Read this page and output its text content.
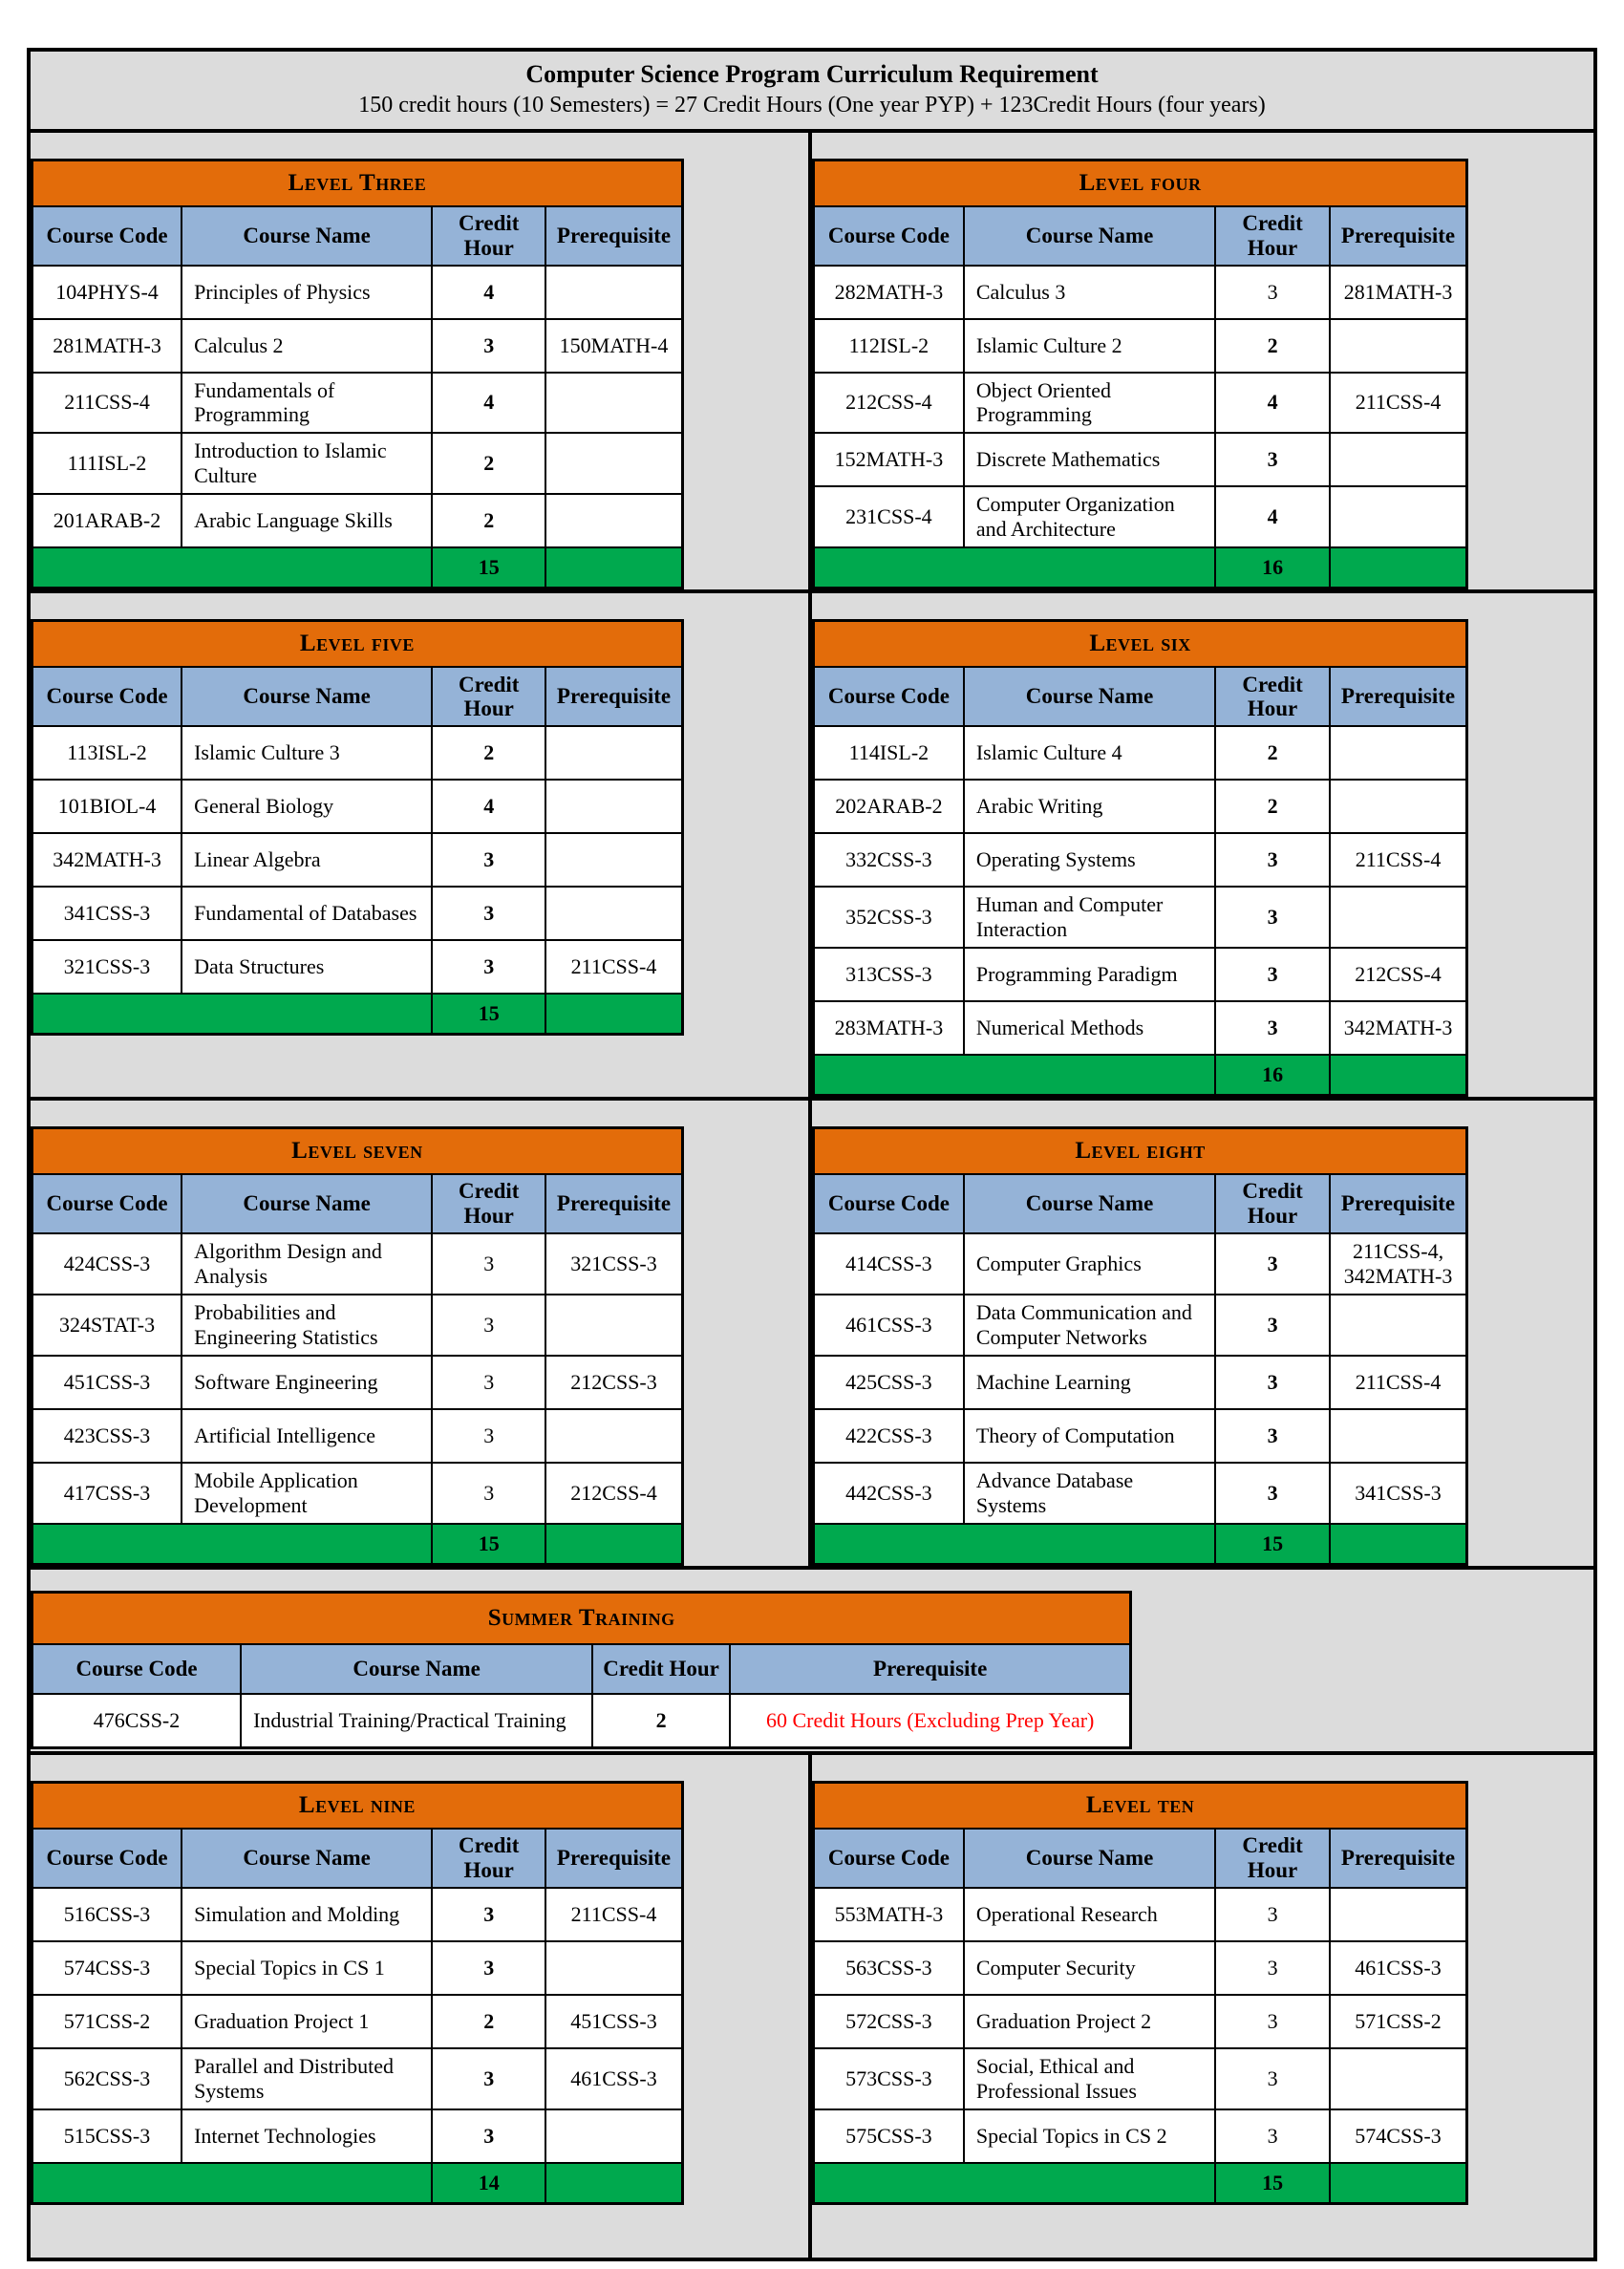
Computer Science Program Curriculum Requirement
150 credit hours (10 Semesters) = 27 Credit Hours (One year PYP) + 123Credit Hours (four years)
Level Three			
Course Code	Course Name	Credit Hour	Prerequisite
104PHYS-4	Principles of Physics	4	
281MATH-3	Calculus 2	3	150MATH-4
211CSS-4	Fundamentals of Programming	4	
111ISL-2	Introduction to Islamic Culture	2	
201ARAB-2	Arabic Language Skills	2	
		15	
Level four			
Course Code	Course Name	Credit Hour	Prerequisite
282MATH-3	Calculus 3	3	281MATH-3
112ISL-2	Islamic Culture 2	2	
212CSS-4	Object Oriented Programming	4	211CSS-4
152MATH-3	Discrete Mathematics	3	
231CSS-4	Computer Organization and Architecture	4	
		16	
Level five			
Course Code	Course Name	Credit Hour	Prerequisite
113ISL-2	Islamic Culture 3	2	
101BIOL-4	General Biology	4	
342MATH-3	Linear Algebra	3	
341CSS-3	Fundamental of Databases	3	
321CSS-3	Data Structures	3	211CSS-4
		15	
Level six			
Course Code	Course Name	Credit Hour	Prerequisite
114ISL-2	Islamic Culture 4	2	
202ARAB-2	Arabic Writing	2	
332CSS-3	Operating Systems	3	211CSS-4
352CSS-3	Human and Computer Interaction	3	
313CSS-3	Programming Paradigm	3	212CSS-4
283MATH-3	Numerical Methods	3	342MATH-3
		16	
Level seven			
Course Code	Course Name	Credit Hour	Prerequisite
424CSS-3	Algorithm Design and Analysis	3	321CSS-3
324STAT-3	Probabilities and Engineering Statistics	3	
451CSS-3	Software Engineering	3	212CSS-3
423CSS-3	Artificial Intelligence	3	
417CSS-3	Mobile Application Development	3	212CSS-4
		15	
Level eight			
Course Code	Course Name	Credit Hour	Prerequisite
414CSS-3	Computer Graphics	3	211CSS-4, 342MATH-3
461CSS-3	Data Communication and Computer Networks	3	
425CSS-3	Machine Learning	3	211CSS-4
422CSS-3	Theory of Computation	3	
442CSS-3	Advance Database Systems	3	341CSS-3
		15	
Summer Training			
Course Code	Course Name	Credit Hour	Prerequisite
476CSS-2	Industrial Training/Practical Training	2	60 Credit Hours (Excluding Prep Year)
Level nine			
Course Code	Course Name	Credit Hour	Prerequisite
516CSS-3	Simulation and Molding	3	211CSS-4
574CSS-3	Special Topics in CS 1	3	
571CSS-2	Graduation Project 1	2	451CSS-3
562CSS-3	Parallel and Distributed Systems	3	461CSS-3
515CSS-3	Internet Technologies	3	
		14	
Level ten			
Course Code	Course Name	Credit Hour	Prerequisite
553MATH-3	Operational Research	3	
563CSS-3	Computer Security	3	461CSS-3
572CSS-3	Graduation Project 2	3	571CSS-2
573CSS-3	Social, Ethical and Professional Issues	3	
575CSS-3	Special Topics in CS 2	3	574CSS-3
		15	
